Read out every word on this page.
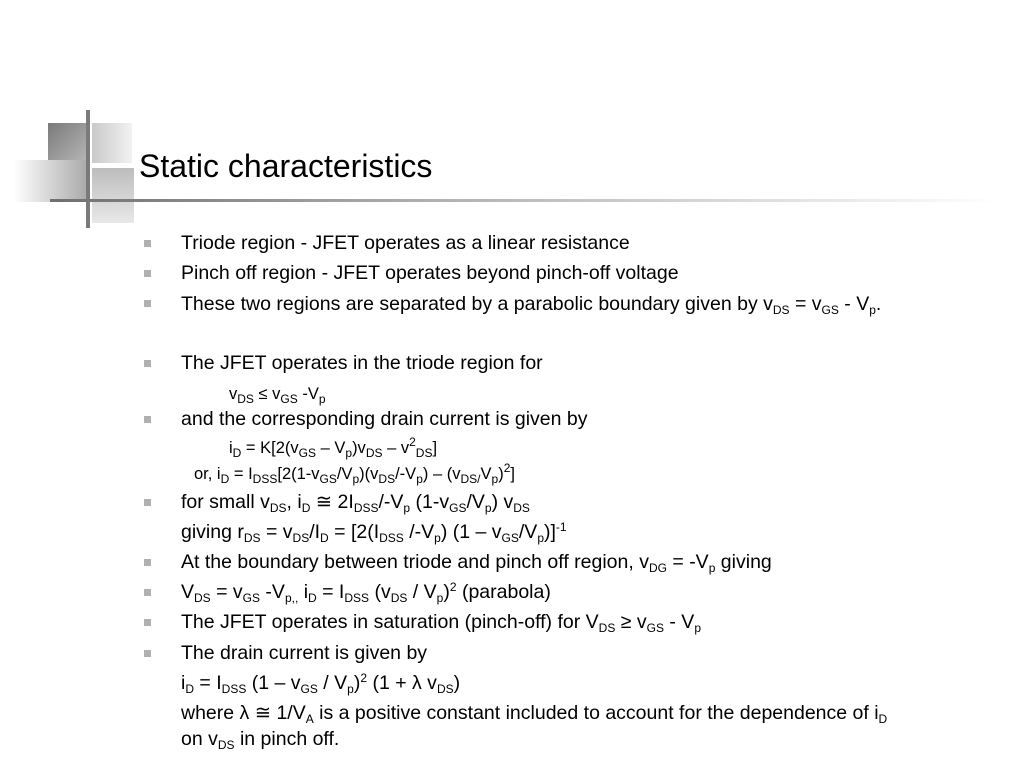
Static characteristics
Triode region - JFET operates as a linear resistance
Pinch off region - JFET operates beyond pinch-off voltage
These two regions are separated by a parabolic boundary given by $v_{DS} = v_{GS} - V_p$.
The JFET operates in the triode region for
$v_{DS} \le v_{GS}$ $-V_p$
and the corresponding drain current is given by
$i_D = K[2(v_{GS} - V_p)v_{DS} - v^2_{DS}]$
or, $i_D = I_{DSS}[2(1-v_{GS}/V_p)(v_{DS}/-V_p) - (v_{DS/}V_p)^2]$
for small $v_{DS}$, $i_D$ ≅ $2I_{DSS}/-V_p$ $(1-v_{GS}/V_p)$ $v_{DS}$
giving $r_{DS} = v_{DS}/I_D = [2(I_{DSS}$ $/-V_p$) $(1 - v_{GS}/V_p)]^{-1}$
At the boundary between triode and pinch off region, $v_{DG} = -V_p$ giving
$V_{DS} = v_{GS}$ $-V_{p,,}$ $i_D = I_{DSS}$ $(v_{DS} / V_p)^2$ (parabola)
The JFET operates in saturation (pinch-off) for $V_{DS} \ge v_{GS} - V_p$
The drain current is given by
$i_D = I_{DSS}$ $(1 - v_{GS} / V_p)^2$ (1 + λ $v_{DS}$)
where λ ≅ $1/V_A$ is a positive constant included to account for the dependence of $i_D$
on $v_{DS}$ in pinch off.
